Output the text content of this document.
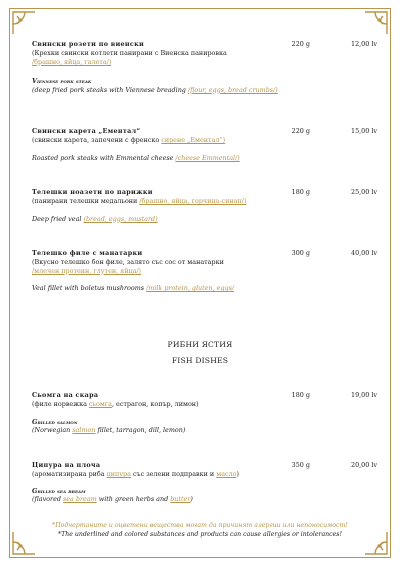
Свински розети по виенски	220 g	12,00 lv
(Крехки свински котлети панирани с Виенска панировка
/брашно, яйца, галета/)
Viennese pork steak
(deep fried pork steaks with Viennese breading /flour, eggs, bread crumbs/)
Свински карета „Ементал“	220 g	15,00 lv
(свински карета, запечени с френско сирене „Ементал“)
Roasted pork steaks with Emmental cheese /cheese Emmental/)
Телешки ноазети по парижки	180 g	25,00 lv
(панирани телешки медальони /брашно, яйца, горчица-синап/)
Deep fried veal (bread, eggs, mustard)
Телешко филе с манатарки	300 g	40,00 lv
(Вкусно телешко бон филе, залято със сос от манатарки
/млечен протеин, глутен, яйца/)
Veal fillet with boletus mushrooms /milk protein, gluten, eggs/
РИБНИ ЯСТИЯ
FISH DISHES
Сьомга на скара	180 g	19,00 lv
(филе норвежка сьомга, естрагон, копър, лимон)
Grilled salmon
(Norwegian salmon fillet, tarragon, dill, lemon)
Ципура на плоча	350 g	20,00 lv
(ароматизирана риба ципура със зелени подправки и масло)
Grilled sea bream
(flavored sea bream with green herbs and butter)
*Подчертаните и оцветени вещества могат да причинят алергии или непоносимост!
*The underlined and colored substances and products can cause allergies or intolerances!
